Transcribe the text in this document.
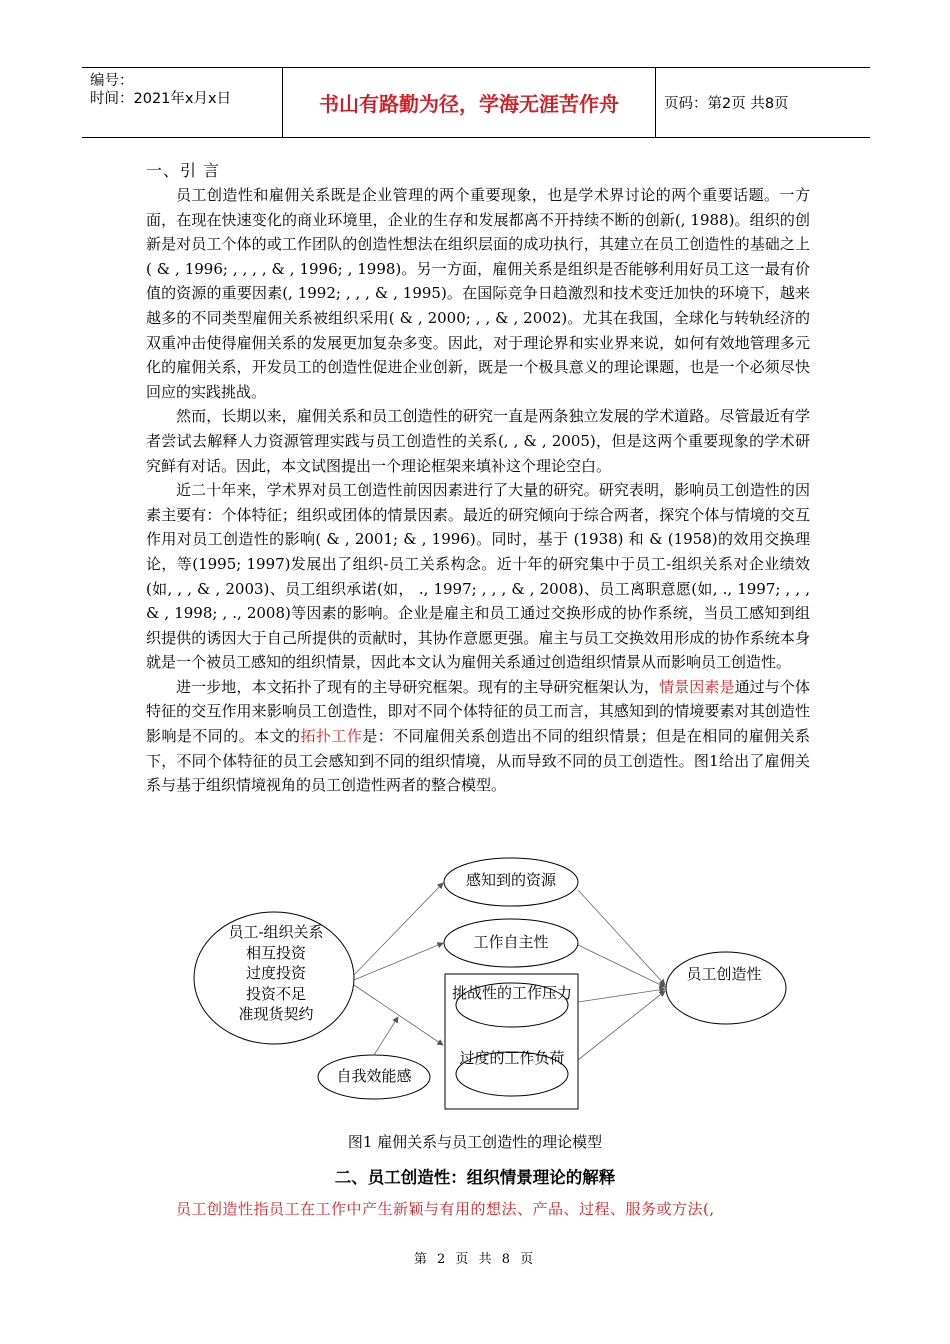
编号：
时间：2021年x月x日	书山有路勤为径，学海无涯苦作舟	页码：第2页 共8页
一、引 言

员工创造性和雇佣关系既是企业管理的两个重要现象，也是学术界讨论的两个重要话题。一方面，在现在快速变化的商业环境里，企业的生存和发展都离不开持续不断的创新(, 1988)。组织的创新是对员工个体的或工作团队的创造性想法在组织层面的成功执行，其建立在员工创造性的基础之上( & , 1996; , , , , & , 1996; , 1998)。另一方面，雇佣关系是组织是否能够利用好员工这一最有价值的资源的重要因素(, 1992; , , , & , 1995)。在国际竞争日趋激烈和技术变迁加快的环境下，越来越多的不同类型雇佣关系被组织采用( & , 2000; , , & , 2002)。尤其在我国，全球化与转轨经济的双重冲击使得雇佣关系的发展更加复杂多变。因此，对于理论界和实业界来说，如何有效地管理多元化的雇佣关系，开发员工的创造性促进企业创新，既是一个极具意义的理论课题，也是一个必须尽快回应的实践挑战。

然而，长期以来，雇佣关系和员工创造性的研究一直是两条独立发展的学术道路。尽管最近有学者尝试去解释人力资源管理实践与员工创造性的关系(, , & , 2005)，但是这两个重要现象的学术研究鲜有对话。因此，本文试图提出一个理论框架来填补这个理论空白。

近二十年来，学术界对员工创造性前因因素进行了大量的研究。研究表明，影响员工创造性的因素主要有：个体特征；组织或团体的情景因素。最近的研究倾向于综合两者，探究个体与情境的交互作用对员工创造性的影响( & , 2001; & , 1996)。同时，基于 (1938) 和 & (1958)的效用交换理论，等(1995; 1997)发展出了组织-员工关系构念。近十年的研究集中于员工-组织关系对企业绩效(如, , , & , 2003)、员工组织承诺(如， ., 1997; , , , & , 2008)、员工离职意愿(如, ., 1997; , , , & , 1998; , ., 2008)等因素的影响。企业是雇主和员工通过交换形成的协作系统，当员工感知到组织提供的诱因大于自己所提供的贡献时，其协作意愿更强。雇主与员工交换效用形成的协作系统本身就是一个被员工感知的组织情景，因此本文认为雇佣关系通过创造组织情景从而影响员工创造性。

进一步地，本文拓扑了现有的主导研究框架。现有的主导研究框架认为，情景因素是通过与个体特征的交互作用来影响员工创造性，即对不同个体特征的员工而言，其感知到的情境要素对其创造性影响是不同的。本文的拓扑工作是：不同雇佣关系创造出不同的组织情景；但是在相同的雇佣关系下，不同个体特征的员工会感知到不同的组织情境，从而导致不同的员工创造性。图1给出了雇佣关系与基于组织情境视角的员工创造性两者的整合模型。

员工-组织关系
相互投资
过度投资
投资不足
准现货契约
自我效能感
感知到的资源
工作自主性
挑战性的工作压力
过度的工作负荷
员工创造性
图1 雇佣关系与员工创造性的理论模型
二、员工创造性：组织情景理论的解释
员工创造性指员工在工作中产生新颖与有用的想法、产品、过程、服务或方法(,
第 2 页 共 8 页
